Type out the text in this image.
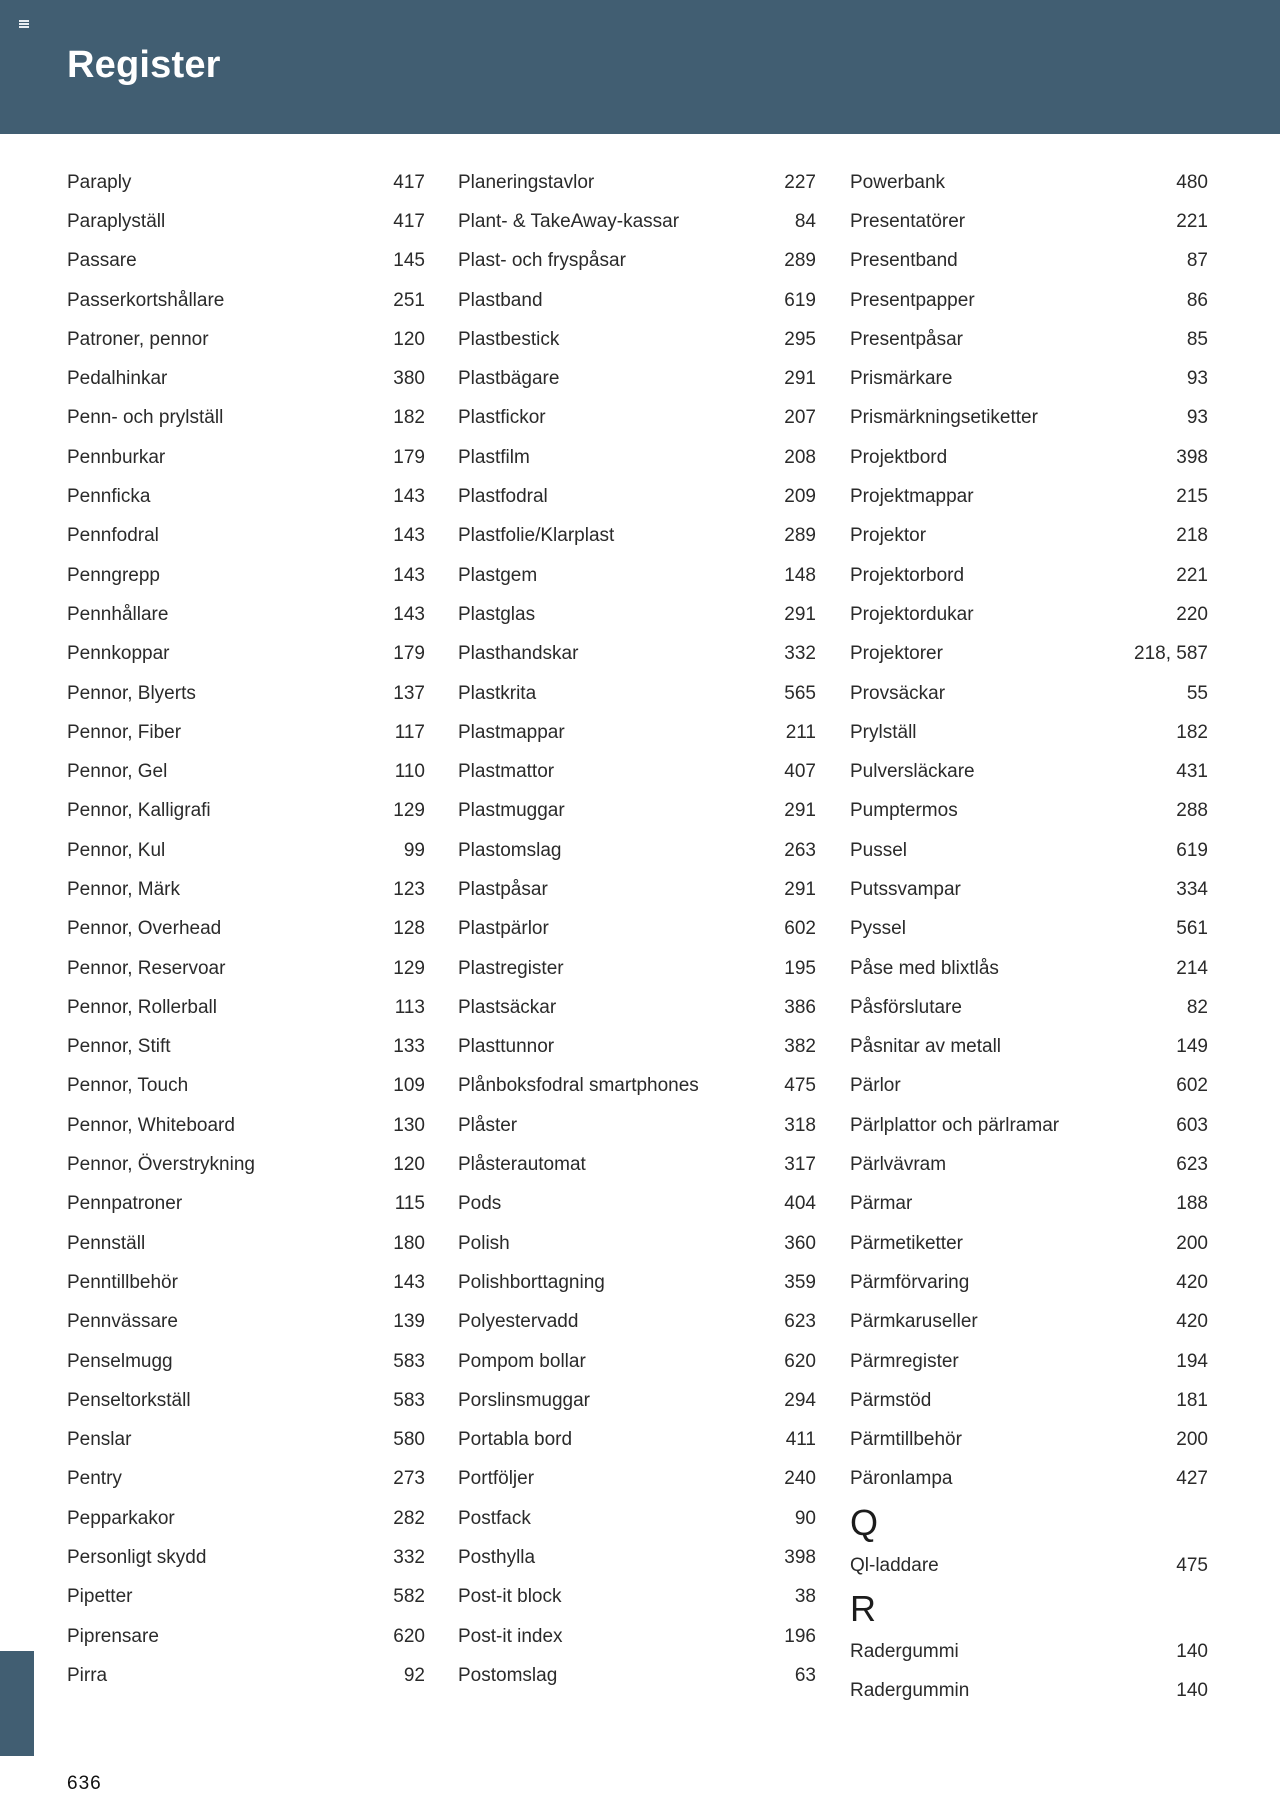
Register
Paraply	417
Paraplyställ	417
Passare	145
Passerkortshållare	251
Patroner, pennor	120
Pedalhinkar	380
Penn- och prylställ	182
Pennburkar	179
Pennficka	143
Pennfodral	143
Penngrepp	143
Pennhållare	143
Pennkoppar	179
Pennor, Blyerts	137
Pennor, Fiber	117
Pennor, Gel	110
Pennor, Kalligrafi	129
Pennor, Kul	99
Pennor, Märk	123
Pennor, Overhead	128
Pennor, Reservoar	129
Pennor, Rollerball	113
Pennor, Stift	133
Pennor, Touch	109
Pennor, Whiteboard	130
Pennor, Överstrykning	120
Pennpatroner	115
Pennställ	180
Penntillbehör	143
Pennvässare	139
Penselmugg	583
Penseltorkställ	583
Penslar	580
Pentry	273
Pepparkakor	282
Personligt skydd	332
Pipetter	582
Piprensare	620
Pirra	92
Planeringstavlor	227
Plant- & TakeAway-kassar	84
Plast- och fryspåsar	289
Plastband	619
Plastbestick	295
Plastbägare	291
Plastfickor	207
Plastfilm	208
Plastfodral	209
Plastfolie/Klarplast	289
Plastgem	148
Plastglas	291
Plasthandskar	332
Plastkrita	565
Plastmappar	211
Plastmattor	407
Plastmuggar	291
Plastomslag	263
Plastpåsar	291
Plastpärlor	602
Plastregister	195
Plastsäckar	386
Plasttunnor	382
Plånboksfodral smartphones	475
Plåster	318
Plåsterautomat	317
Pods	404
Polish	360
Polishborttagning	359
Polyestervadd	623
Pompom bollar	620
Porslinsmuggar	294
Portabla bord	411
Portföljer	240
Postfack	90
Posthylla	398
Post-it block	38
Post-it index	196
Postomslag	63
Powerbank	480
Presentatörer	221
Presentband	87
Presentpapper	86
Presentpåsar	85
Prismärkare	93
Prismärkningsetiketter	93
Projektbord	398
Projektmappar	215
Projektor	218
Projektorbord	221
Projektordukar	220
Projektorer	218, 587
Provsäckar	55
Prylställ	182
Pulversläckare	431
Pumptermos	288
Pussel	619
Putssvampar	334
Pyssel	561
Påse med blixtlås	214
Påsförslutare	82
Påsnitar av metall	149
Pärlor	602
Pärlplattor och pärlramar	603
Pärlvävram	623
Pärmar	188
Pärmetiketter	200
Pärmförvaring	420
Pärmkaruseller	420
Pärmregister	194
Pärmstöd	181
Pärmtillbehör	200
Päronlampa	427
Q
Ql-laddare	475
R
Radergummi	140
Radergummin	140
636
